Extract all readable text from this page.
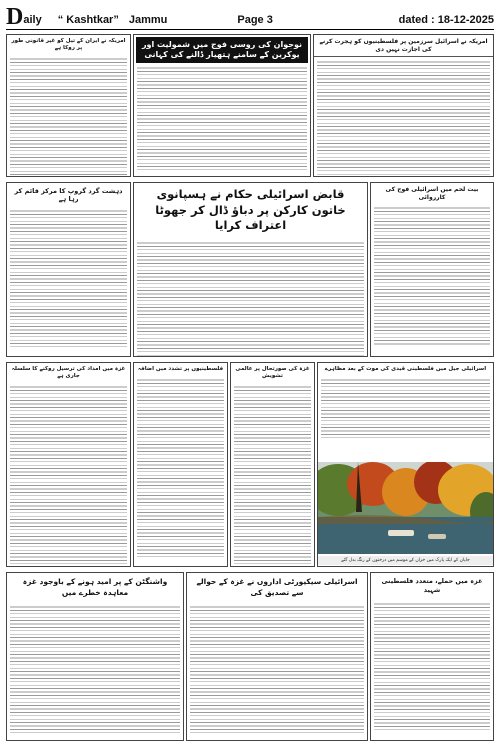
D aily “ Kashtkar” Jammu	Page 3	dated : 18-12-2025
امریکہ نے ایران کے تیل کو غیر قانونی طور پر روکا ہے	نوجوان کی روسی فوج میں شمولیت اور یوکرین کے سامنے ہتھیار ڈالنے کی کہانی
امریکہ نے اسرائیل سرزمین پر فلسطینیوں کو ہجرت کرنے کی اجازت نہیں دی
دہشت گرد گروپ کا مرکز قائم کر رہا ہے	قابض اسرائیلی حکام نے ہسپانوی خاتون کارکن پر دباؤ ڈال کر جھوٹا اعتراف کرایا
بیت لحم میں اسرائیلی فوج کی کارروائی
غزہ میں امداد کی ترسیل روکنے کا سلسلہ جاری ہے
فلسطینیوں پر تشدد میں اضافہ	غزہ کی صورتحال پر عالمی تشویش
اسرائیلی جیل میں فلسطینی قیدی کی موت کے بعد مظاہرے
جاپان کے ایک پارک میں خزاں کے موسم میں درختوں کے رنگ بدل گئے
واشنگٹن کے پر امید ہونے کے باوجود غزہ معاہدہ خطرے میں
اسرائیلی سیکیورٹی اداروں نے غزہ کے حوالے سے تصدیق کی
غزہ میں حملے، متعدد فلسطینی شہید
